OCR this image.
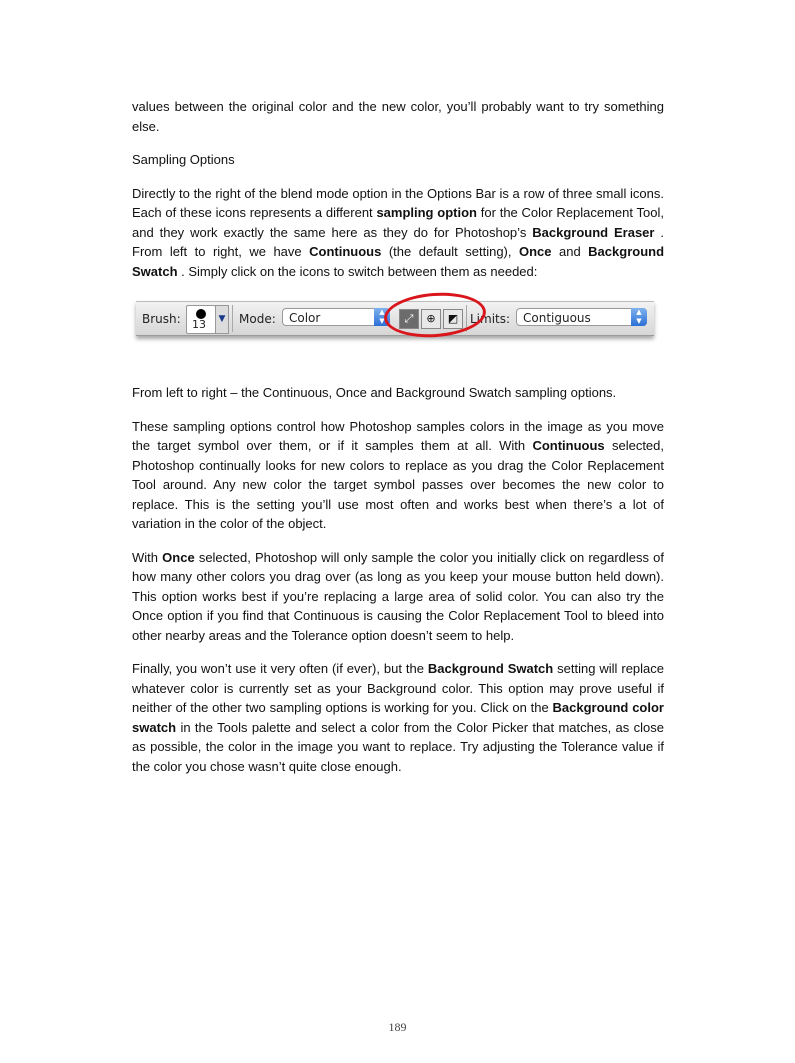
values between the original color and the new color, you’ll probably want to try something else.

Sampling Options

Directly to the right of the blend mode option in the Options Bar is a row of three small icons. Each of these icons represents a different sampling option for the Color Replacement Tool, and they work exactly the same here as they do for Photoshop’s Background Eraser . From left to right, we have Continuous (the default setting), Once and Background Swatch . Simply click on the icons to switch between them as needed:

Brush: 13	▼ Mode:	Color	▲
▼	⤢	⊕	◩ Limits:	Contiguous	▲
▼

From left to right – the Continuous, Once and Background Swatch sampling options.

These sampling options control how Photoshop samples colors in the image as you move the target symbol over them, or if it samples them at all. With Continuous selected, Photoshop continually looks for new colors to replace as you drag the Color Replacement Tool around. Any new color the target symbol passes over becomes the new color to replace. This is the setting you’ll use most often and works best when there’s a lot of variation in the color of the object.

With Once selected, Photoshop will only sample the color you initially click on regardless of how many other colors you drag over (as long as you keep your mouse button held down). This option works best if you’re replacing a large area of solid color. You can also try the Once option if you find that Continuous is causing the Color Replacement Tool to bleed into other nearby areas and the Tolerance option doesn’t seem to help.

Finally, you won’t use it very often (if ever), but the Background Swatch setting will replace whatever color is currently set as your Background color. This option may prove useful if neither of the other two sampling options is working for you. Click on the Background color swatch in the Tools palette and select a color from the Color Picker that matches, as close as possible, the color in the image you want to replace. Try adjusting the Tolerance value if the color you chose wasn’t quite close enough.

189
